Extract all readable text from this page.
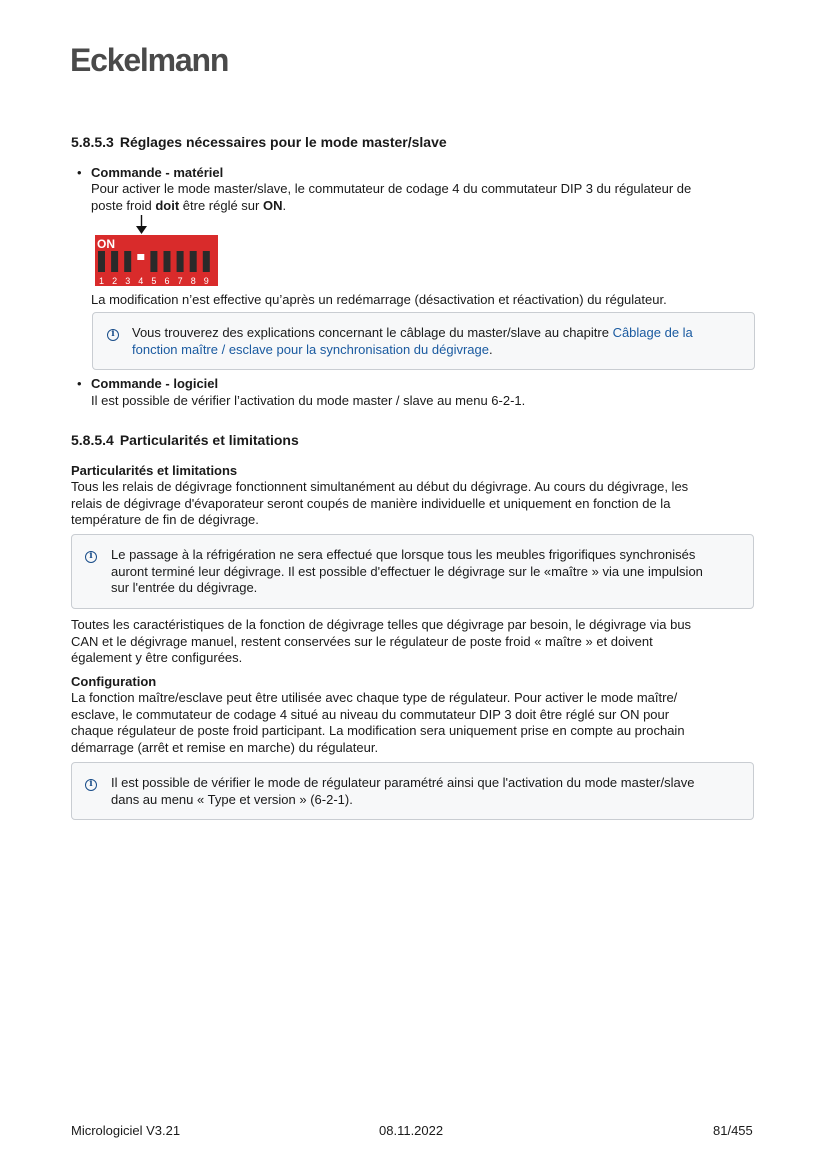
Eckelmann
5.8.5.3 Réglages nécessaires pour le mode master/slave
• Commande - matériel
Pour activer le mode master/slave, le commutateur de codage 4 du commutateur DIP 3 du régulateur de
poste froid doit être réglé sur ON.
ON
1 2 3 4 5 6 7 8 9
La modification n’est effective qu’après un redémarrage (désactivation et réactivation) du régulateur.
i	Vous trouverez des explications concernant le câblage du master/slave au chapitre Câblage de la
fonction maître / esclave pour la synchronisation du dégivrage.
• Commande - logiciel
Il est possible de vérifier l’activation du mode master / slave au menu 6-2-1.
5.8.5.4 Particularités et limitations
Particularités et limitations
Tous les relais de dégivrage fonctionnent simultanément au début du dégivrage. Au cours du dégivrage, les
relais de dégivrage d'évaporateur seront coupés de manière individuelle et uniquement en fonction de la
température de fin de dégivrage.
i	Le passage à la réfrigération ne sera effectué que lorsque tous les meubles frigorifiques synchronisés
auront terminé leur dégivrage. Il est possible d'effectuer le dégivrage sur le «maître » via une impulsion
sur l'entrée du dégivrage.
Toutes les caractéristiques de la fonction de dégivrage telles que dégivrage par besoin, le dégivrage via bus
CAN et le dégivrage manuel, restent conservées sur le régulateur de poste froid « maître » et doivent
également y être configurées.
Configuration
La fonction maître/esclave peut être utilisée avec chaque type de régulateur. Pour activer le mode maître/
esclave, le commutateur de codage 4 situé au niveau du commutateur DIP 3 doit être réglé sur ON pour
chaque régulateur de poste froid participant. La modification sera uniquement prise en compte au prochain
démarrage (arrêt et remise en marche) du régulateur.
i	Il est possible de vérifier le mode de régulateur paramétré ainsi que l'activation du mode master/slave
dans au menu « Type et version » (6-2-1).
Micrologiciel V3.21	08.11.2022	81/455
